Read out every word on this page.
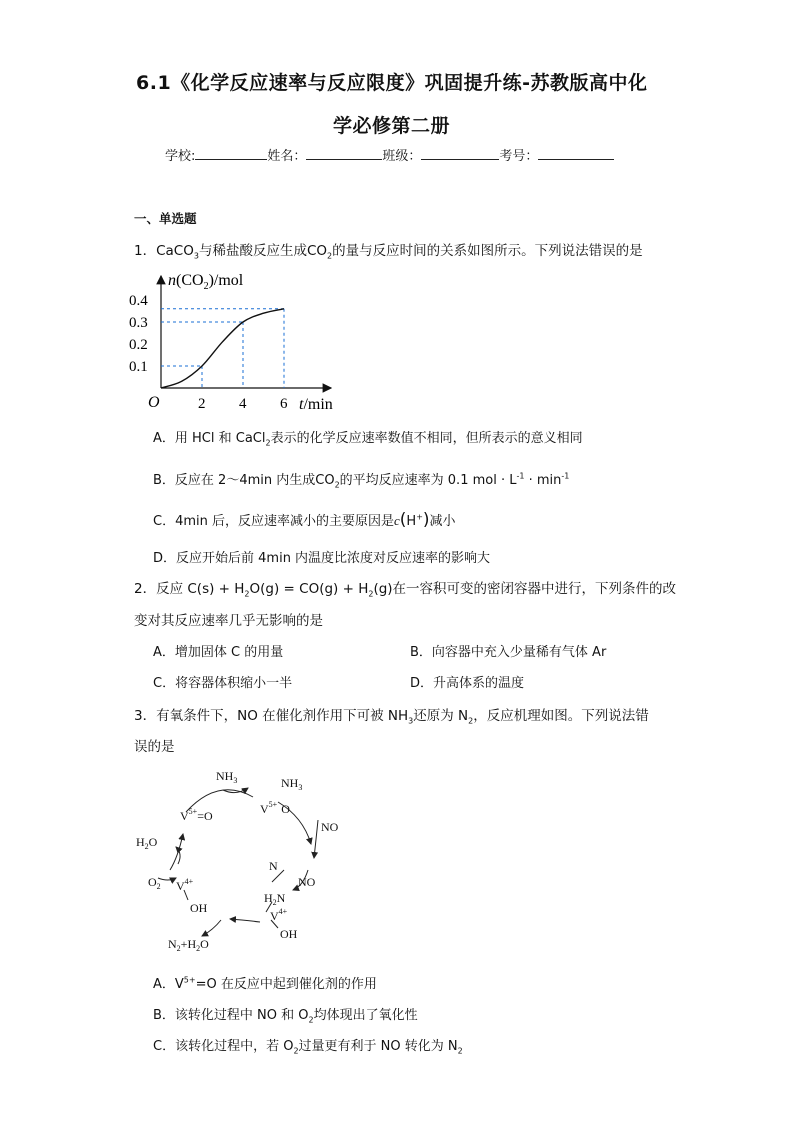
6.1《化学反应速率与反应限度》巩固提升练-苏教版高中化
学必修第二册
学校:	姓名：	班级：	考号：
一、单选题
1．CaCO$_3$与稀盐酸反应生成$CO_2$的量与反应时间的关系如图所示。下列说法错误的是
$n(CO_2)$/mol
t/min
O
0.1
0.2
0.3
0.4
2 4 6
A．用 HCl 和 CaCl$_2$表示的化学反应速率数值不相同，但所表示的意义相同
B．反应在 2～4min 内生成$CO_2$的平均反应速率为 0.1 mol · $L^{-1} \cdot \min^{-1}$
C．4min 后，反应速率减小的主要原因是c(H+)减小
D．反应开始后前 4min 内温度比浓度对反应速率的影响大
2．反应 $C(s) + H_2O(g) = CO(g) + H_2(g)$在一容积可变的密闭容器中进行，下列条件的改
变对其反应速率几乎无影响的是
A．增加固体 C 的用量	B．向容器中充入少量稀有气体 Ar
C．将容器体积缩小一半	D．升高体系的温度
3．有氧条件下，NO 在催化剂作用下可被 $NH_3$还原为 $N_2$，反应机理如图。下列说法错
误的是
$NH_3$	$NH_3$
$V^{5+}$ O
$V^{5+}=O$
NO
NO
N
$H_2N$
$V^{4+}$
OH
$V^{4+}$
OH
$H_2O$
$O_2$
$N_2+H_2O$
A．$V^{5+}=O$ 在反应中起到催化剂的作用
B．该转化过程中 NO 和 $O_2$均体现出了氧化性
C．该转化过程中，若 $O_2$过量更有利于 NO 转化为 $N_2$
